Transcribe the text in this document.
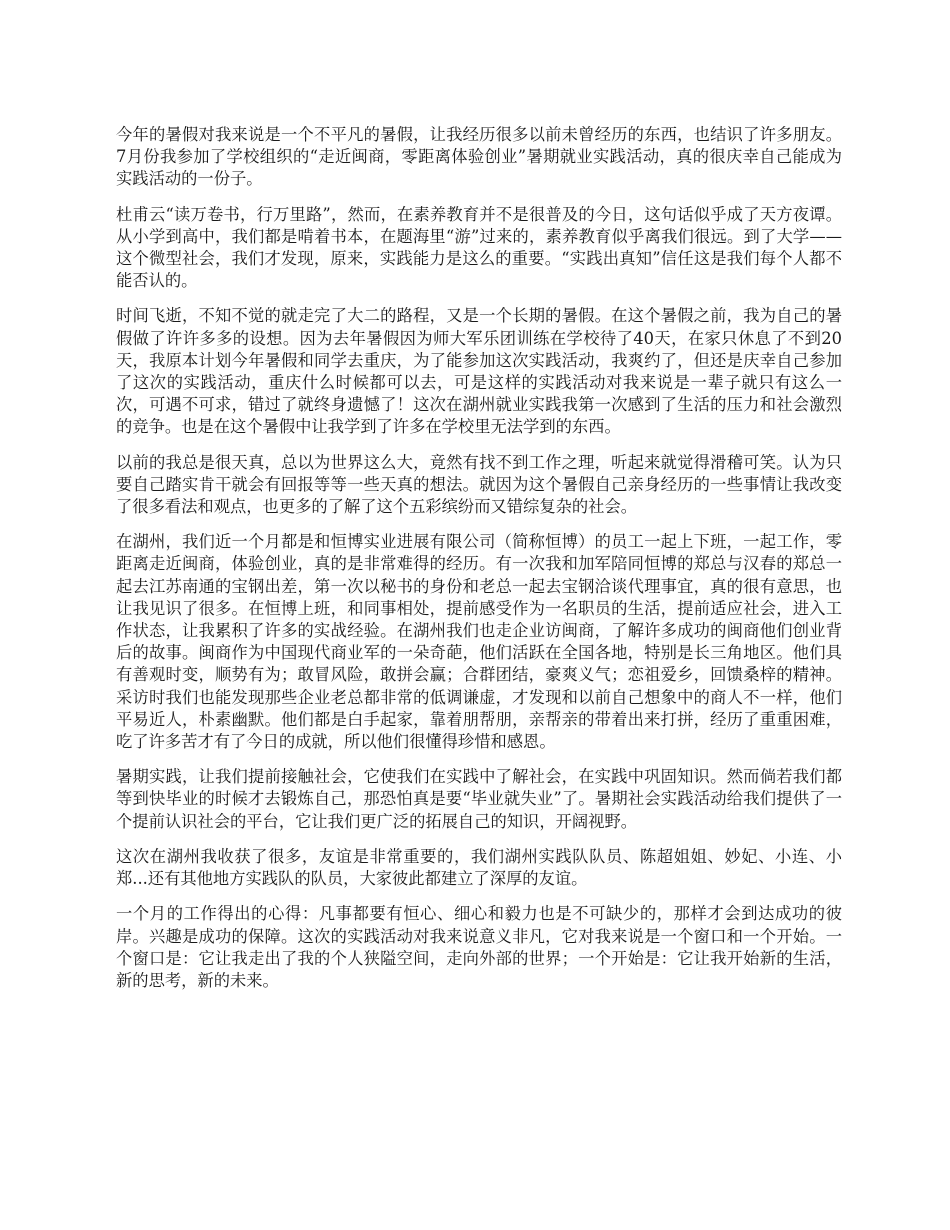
今年的暑假对我来说是一个不平凡的暑假，让我经历很多以前未曾经历的东西，也结识了许多朋友。7月份我参加了学校组织的“走近闽商，零距离体验创业”暑期就业实践活动，真的很庆幸自己能成为实践活动的一份子。

杜甫云“读万卷书，行万里路”，然而，在素养教育并不是很普及的今日，这句话似乎成了天方夜谭。从小学到高中，我们都是啃着书本，在题海里“游”过来的，素养教育似乎离我们很远。到了大学——这个微型社会，我们才发现，原来，实践能力是这么的重要。“实践出真知”信任这是我们每个人都不能否认的。

时间飞逝，不知不觉的就走完了大二的路程，又是一个长期的暑假。在这个暑假之前，我为自己的暑假做了许许多多的设想。因为去年暑假因为师大军乐团训练在学校待了40天，在家只休息了不到20天，我原本计划今年暑假和同学去重庆，为了能参加这次实践活动，我爽约了，但还是庆幸自己参加了这次的实践活动，重庆什么时候都可以去，可是这样的实践活动对我来说是一辈子就只有这么一次，可遇不可求，错过了就终身遗憾了！这次在湖州就业实践我第一次感到了生活的压力和社会激烈的竞争。也是在这个暑假中让我学到了许多在学校里无法学到的东西。

以前的我总是很天真，总以为世界这么大，竟然有找不到工作之理，听起来就觉得滑稽可笑。认为只要自己踏实肯干就会有回报等等一些天真的想法。就因为这个暑假自己亲身经历的一些事情让我改变了很多看法和观点，也更多的了解了这个五彩缤纷而又错综复杂的社会。

在湖州，我们近一个月都是和恒博实业进展有限公司（简称恒博）的员工一起上下班，一起工作，零距离走近闽商，体验创业，真的是非常难得的经历。有一次我和加军陪同恒博的郑总与汉春的郑总一起去江苏南通的宝钢出差，第一次以秘书的身份和老总一起去宝钢洽谈代理事宜，真的很有意思，也让我见识了很多。在恒博上班，和同事相处，提前感受作为一名职员的生活，提前适应社会，进入工作状态，让我累积了许多的实战经验。在湖州我们也走企业访闽商，了解许多成功的闽商他们创业背后的故事。闽商作为中国现代商业军的一朵奇葩，他们活跃在全国各地，特别是长三角地区。他们具有善观时变，顺势有为；敢冒风险，敢拼会赢；合群团结，豪爽义气；恋祖爱乡，回馈桑梓的精神。采访时我们也能发现那些企业老总都非常的低调谦虚，才发现和以前自己想象中的商人不一样，他们平易近人，朴素幽默。他们都是白手起家，靠着朋帮朋，亲帮亲的带着出来打拼，经历了重重困难，吃了许多苦才有了今日的成就，所以他们很懂得珍惜和感恩。

暑期实践，让我们提前接触社会，它使我们在实践中了解社会，在实践中巩固知识。然而倘若我们都等到快毕业的时候才去锻炼自己，那恐怕真是要“毕业就失业”了。暑期社会实践活动给我们提供了一个提前认识社会的平台，它让我们更广泛的拓展自己的知识，开阔视野。

这次在湖州我收获了很多，友谊是非常重要的，我们湖州实践队队员、陈超姐姐、妙妃、小连、小郑...还有其他地方实践队的队员，大家彼此都建立了深厚的友谊。

一个月的工作得出的心得：凡事都要有恒心、细心和毅力也是不可缺少的，那样才会到达成功的彼岸。兴趣是成功的保障。这次的实践活动对我来说意义非凡，它对我来说是一个窗口和一个开始。一个窗口是：它让我走出了我的个人狭隘空间，走向外部的世界；一个开始是：它让我开始新的生活，新的思考，新的未来。
